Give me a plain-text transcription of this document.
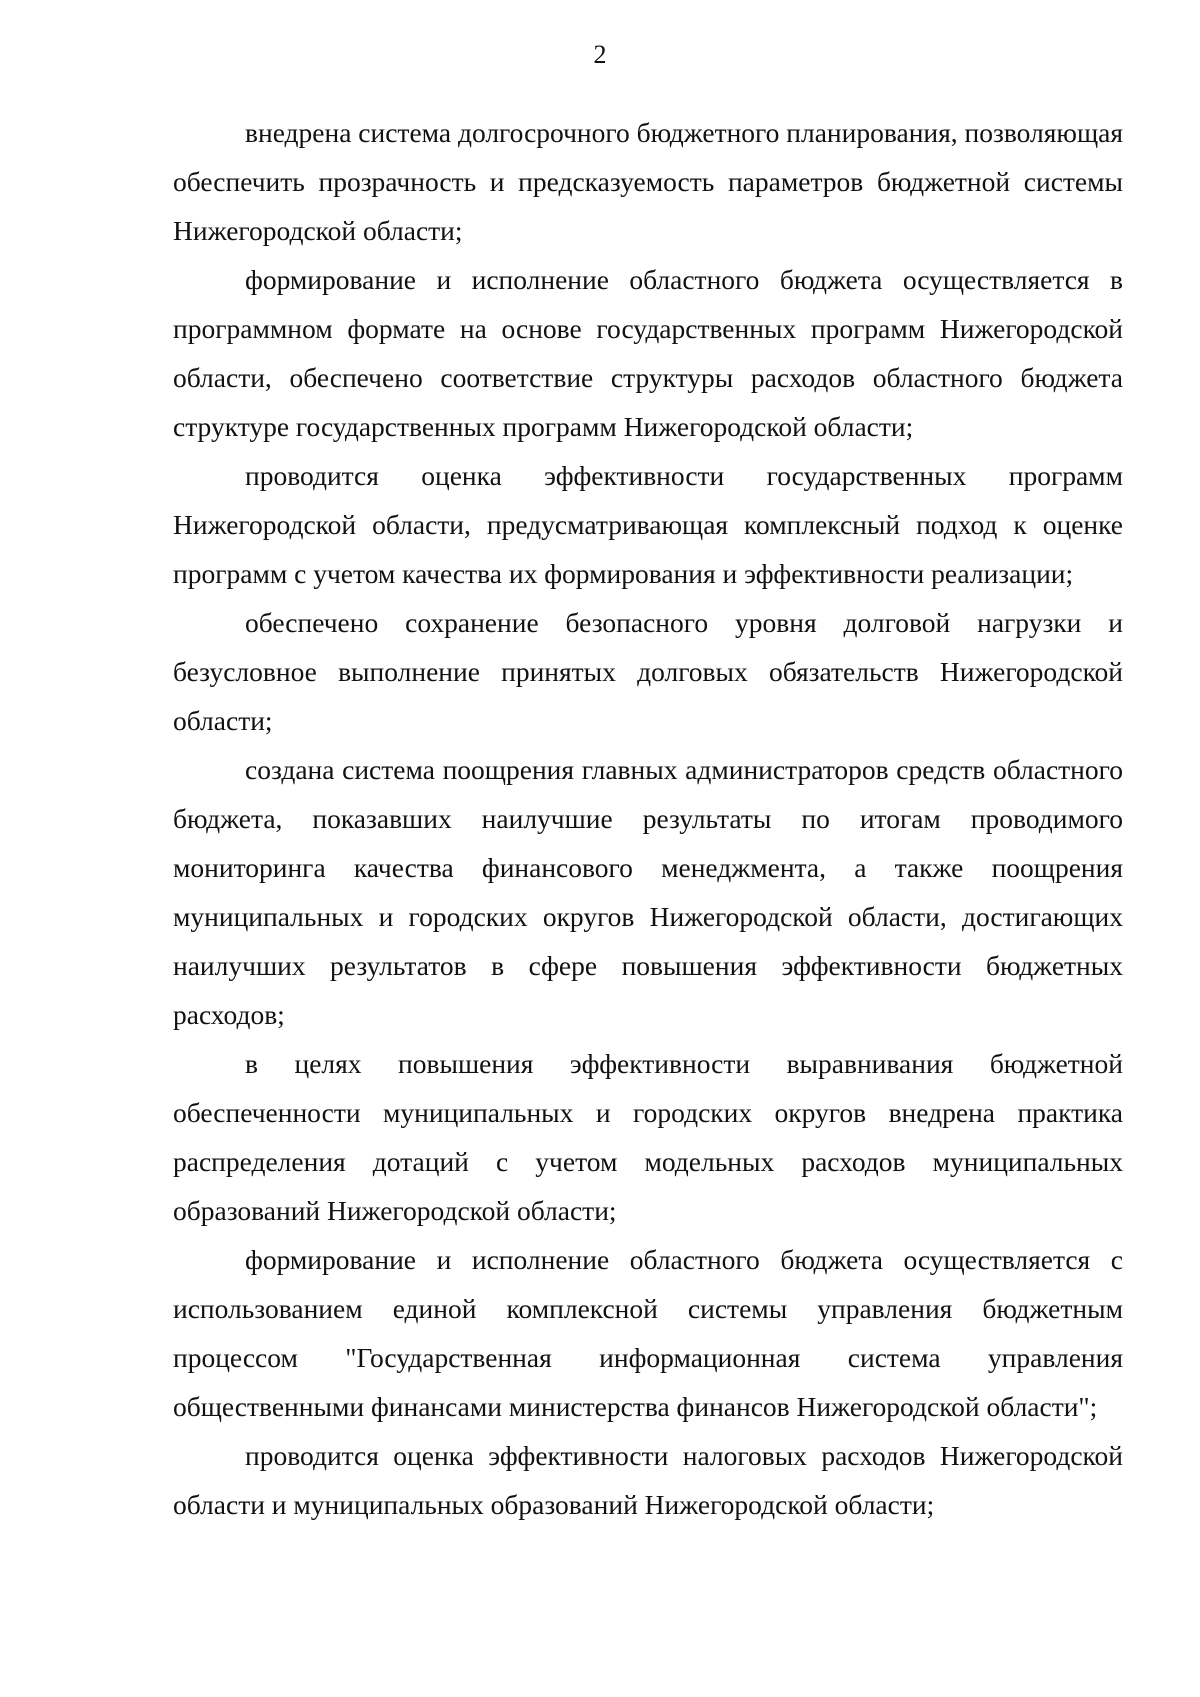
2

внедрена система долгосрочного бюджетного планирования, позволяющая обеспечить прозрачность и предсказуемость параметров бюджетной системы Нижегородской области;

формирование и исполнение областного бюджета осуществляется в программном формате на основе государственных программ Нижегородской области, обеспечено соответствие структуры расходов областного бюджета структуре государственных программ Нижегородской области;

проводится оценка эффективности государственных программ Нижегородской области, предусматривающая комплексный подход к оценке программ с учетом качества их формирования и эффективности реализации;

обеспечено сохранение безопасного уровня долговой нагрузки и безусловное выполнение принятых долговых обязательств Нижегородской области;

создана система поощрения главных администраторов средств областного бюджета, показавших наилучшие результаты по итогам проводимого мониторинга качества финансового менеджмента, а также поощрения муниципальных и городских округов Нижегородской области, достигающих наилучших результатов в сфере повышения эффективности бюджетных расходов;

в целях повышения эффективности выравнивания бюджетной обеспеченности муниципальных и городских округов внедрена практика распределения дотаций с учетом модельных расходов муниципальных образований Нижегородской области;

формирование и исполнение областного бюджета осуществляется с использованием единой комплексной системы управления бюджетным процессом "Государственная информационная система управления общественными финансами министерства финансов Нижегородской области";

проводится оценка эффективности налоговых расходов Нижегородской области и муниципальных образований Нижегородской области;
